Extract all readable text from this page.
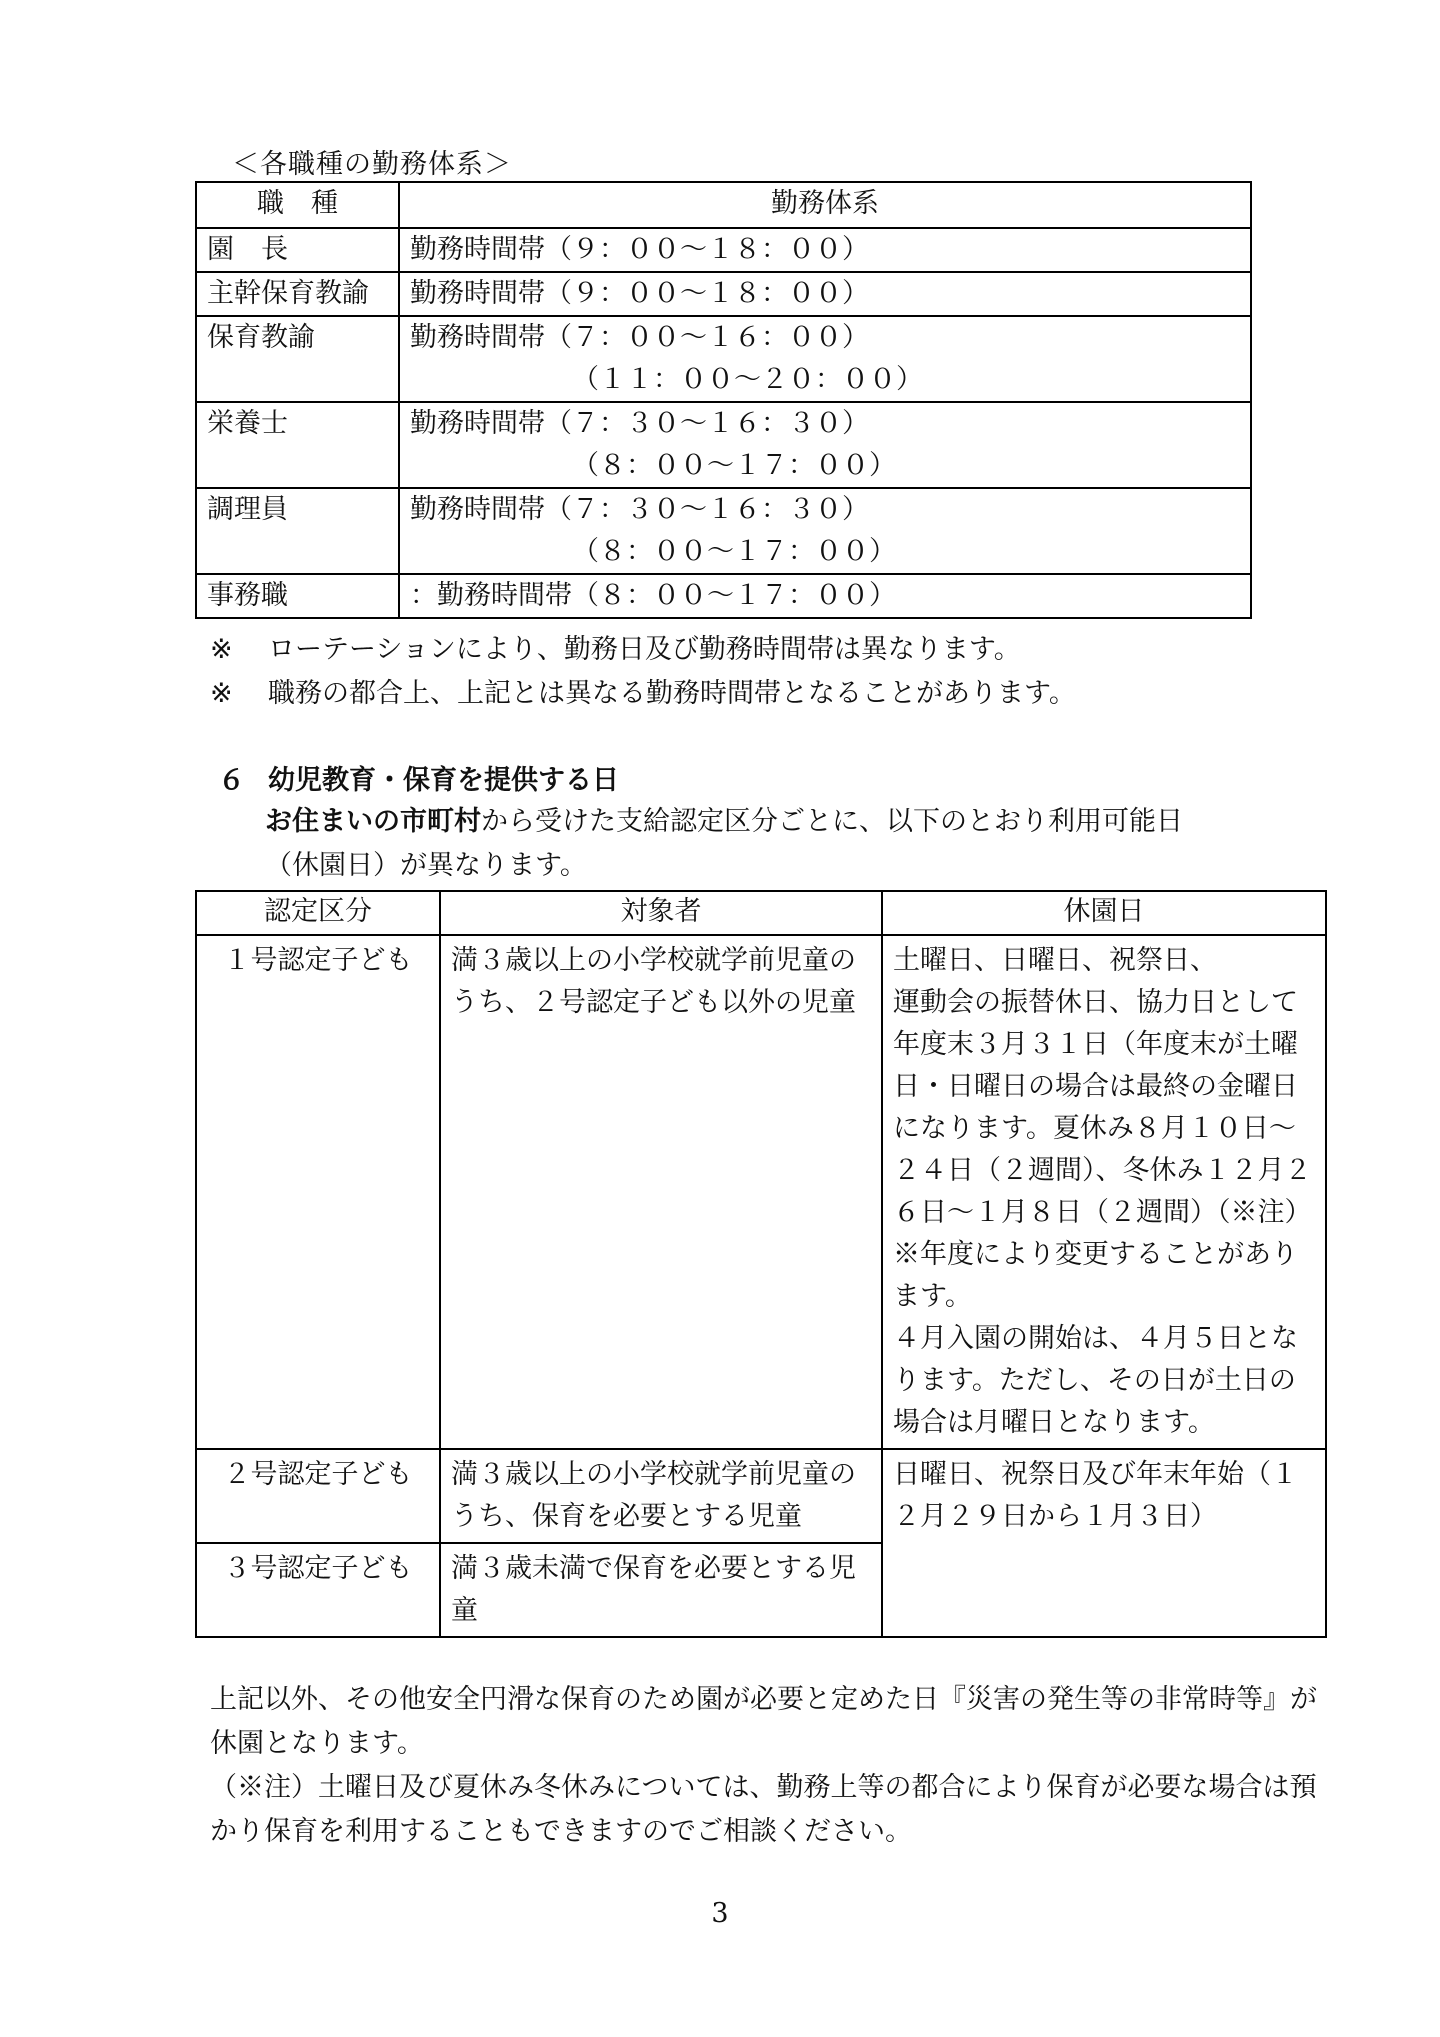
＜各職種の勤務体系＞
職　種	勤務体系
園　長	勤務時間帯（９：００～１８：００）
主幹保育教諭	勤務時間帯（９：００～１８：００）
保育教諭	勤務時間帯（７：００～１６：００）
（１１：００～２０：００）

栄養士	勤務時間帯（７：３０～１６：３０）
（８：００～１７：００）

調理員	勤務時間帯（７：３０～１６：３０）
（８：００～１７：００）

事務職	：勤務時間帯（８：００～１７：００）
※ ローテーションにより、勤務日及び勤務時間帯は異なります。
※ 職務の都合上、上記とは異なる勤務時間帯となることがあります。
６ 幼児教育・保育を提供する日
お住まいの市町村から受けた支給認定区分ごとに、以下のとおり利用可能日
（休園日）が異なります。
認定区分	対象者	休園日
１号認定子ども	満３歳以上の小学校就学前児童のうち、２号認定子ども以外の児童	土曜日、日曜日、祝祭日、
運動会の振替休日、協力日として年度末３月３１日（年度末が土曜日・日曜日の場合は最終の金曜日になります。夏休み８月１０日～２４日（２週間）、冬休み１２月２６日～１月８日（２週間）（※注）
※年度により変更することがあります。
４月入園の開始は、４月５日となります。ただし、その日が土日の場合は月曜日となります。

２号認定子ども	満３歳以上の小学校就学前児童のうち、保育を必要とする児童	日曜日、祝祭日及び年末年始（１２月２９日から１月３日）
３号認定子ども	満３歳未満で保育を必要とする児童	

上記以外、その他安全円滑な保育のため園が必要と定めた日『災害の発生等の非常時等』が休園となります。

（※注）土曜日及び夏休み冬休みについては、勤務上等の都合により保育が必要な場合は預かり保育を利用することもできますのでご相談ください。

3
